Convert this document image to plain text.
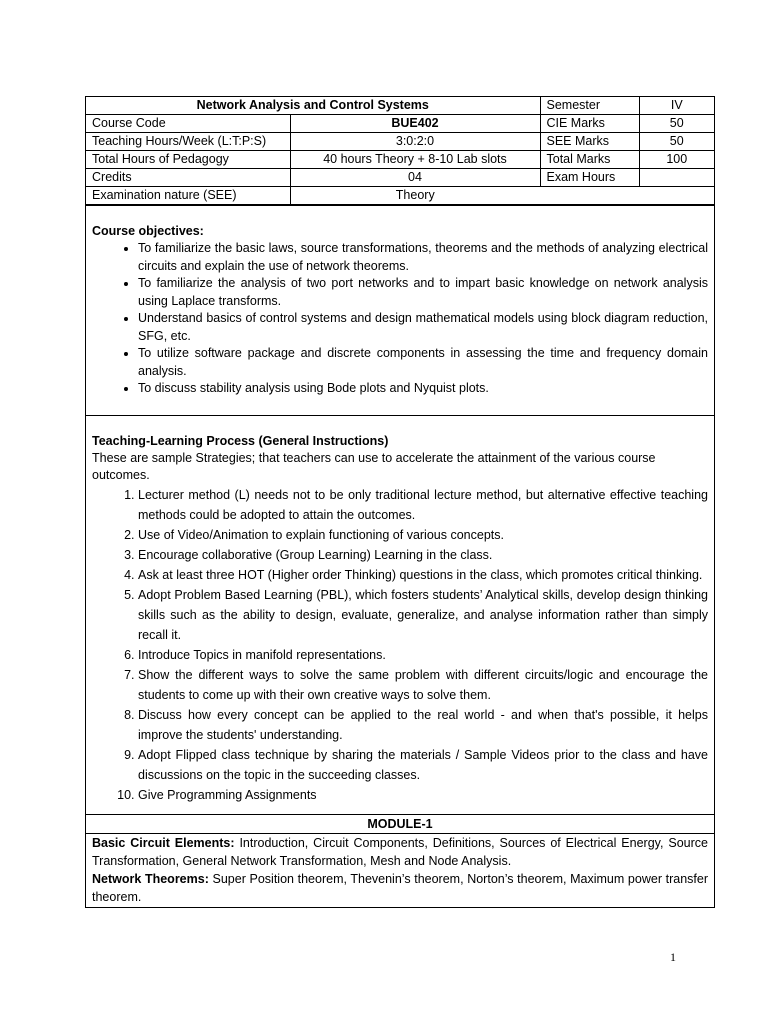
Network Analysis and Control Systems		Semester	IV
Course Code	BUE402	CIE Marks	50
Teaching Hours/Week (L:T:P:S)	3:0:2:0	SEE Marks	50
Total Hours of Pedagogy	40 hours Theory + 8-10 Lab slots	Total Marks	100
Credits	04	Exam Hours	
Examination nature (SEE)	Theory		
Course objectives:
• To familiarize the basic laws, source transformations, theorems and the methods of analyzing electrical circuits and explain the use of network theorems.
• To familiarize the analysis of two port networks and to impart basic knowledge on network analysis using Laplace transforms.
• Understand basics of control systems and design mathematical models using block diagram reduction, SFG, etc.
• To utilize software package and discrete components in assessing the time and frequency domain analysis.
• To discuss stability analysis using Bode plots and Nyquist plots.
Teaching-Learning Process (General Instructions)
These are sample Strategies; that teachers can use to accelerate the attainment of the various course outcomes.
1. Lecturer method (L) needs not to be only traditional lecture method, but alternative effective teaching methods could be adopted to attain the outcomes.
2. Use of Video/Animation to explain functioning of various concepts.
3. Encourage collaborative (Group Learning) Learning in the class.
4. Ask at least three HOT (Higher order Thinking) questions in the class, which promotes critical thinking.
5. Adopt Problem Based Learning (PBL), which fosters students’ Analytical skills, develop design thinking skills such as the ability to design, evaluate, generalize, and analyse information rather than simply recall it.
6. Introduce Topics in manifold representations.
7. Show the different ways to solve the same problem with different circuits/logic and encourage the students to come up with their own creative ways to solve them.
8. Discuss how every concept can be applied to the real world - and when that's possible, it helps improve the students' understanding.
9. Adopt Flipped class technique by sharing the materials / Sample Videos prior to the class and have discussions on the topic in the succeeding classes.
10. Give Programming Assignments
MODULE-1
Basic Circuit Elements: Introduction, Circuit Components, Definitions, Sources of Electrical Energy, Source Transformation, General Network Transformation, Mesh and Node Analysis.
Network Theorems: Super Position theorem, Thevenin’s theorem, Norton’s theorem, Maximum power transfer theorem.
1
